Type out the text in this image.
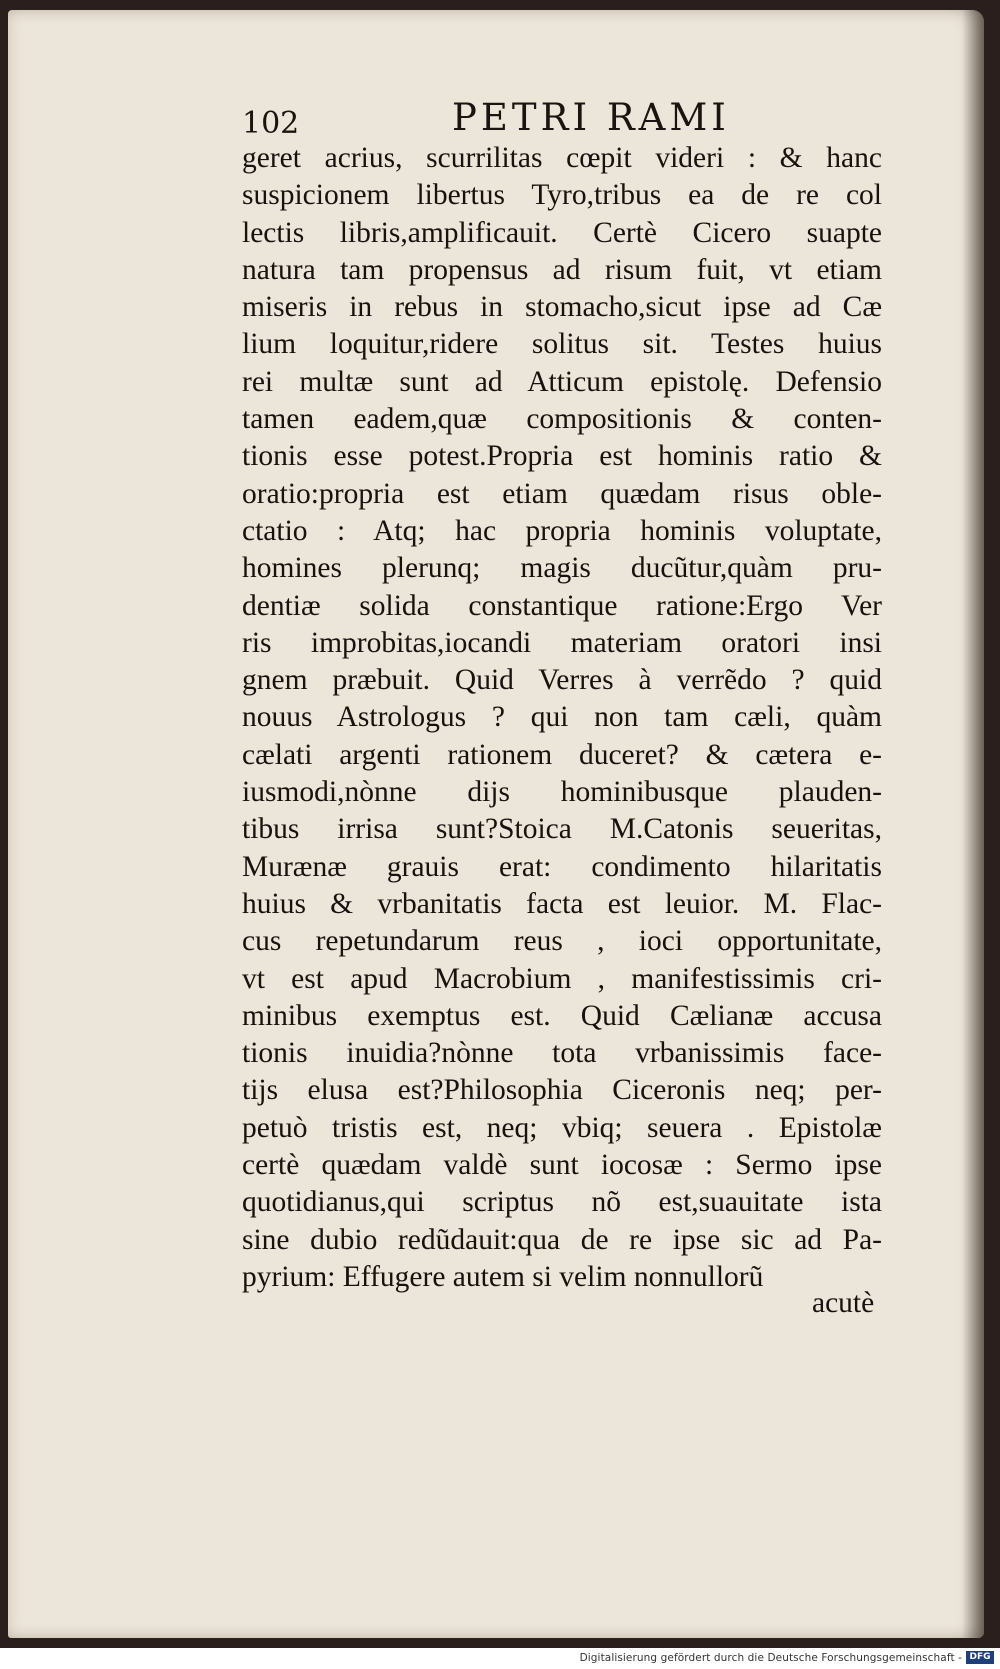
102	PETRI RAMI
geret acrius, scurrilitas cœpit videri : & hanc
suspicionem libertus Tyro,tribus ea de re col
lectis libris,amplificauit. Certè Cicero suapte
natura tam propensus ad risum fuit, vt etiam
miseris in rebus in stomacho,sicut ipse ad Cæ
lium loquitur,ridere solitus sit. Testes huius
rei multæ sunt ad Atticum epistolę. Defensio
tamen eadem,quæ compositionis & conten-
tionis esse potest.Propria est hominis ratio &
oratio:propria est etiam quædam risus oble-
ctatio : Atq; hac propria hominis voluptate,
homines plerunq; magis ducũtur,quàm pru-
dentiæ solida constantique ratione:Ergo Ver
ris improbitas,iocandi materiam oratori insi
gnem præbuit. Quid Verres à verrẽdo ? quid
nouus Astrologus ? qui non tam cæli, quàm
cælati argenti rationem duceret? & cætera e-
iusmodi,nònne dijs hominibusque plauden-
tibus irrisa sunt?Stoica M.Catonis seueritas,
Murænæ grauis erat: condimento hilaritatis
huius & vrbanitatis facta est leuior. M. Flac-
cus repetundarum reus , ioci opportunitate,
vt est apud Macrobium , manifestissimis cri-
minibus exemptus est. Quid Cælianæ accusa
tionis inuidia?nònne tota vrbanissimis face-
tijs elusa est?Philosophia Ciceronis neq; per-
petuò tristis est, neq; vbiq; seuera . Epistolæ
certè quædam valdè sunt iocosæ : Sermo ipse
quotidianus,qui scriptus nõ est,suauitate ista
sine dubio redũdauit:qua de re ipse sic ad Pa-
pyrium: Effugere autem si velim nonnullorũ
acutè
Digitalisierung gefördert durch die Deutsche Forschungsgemeinschaft - DFG
